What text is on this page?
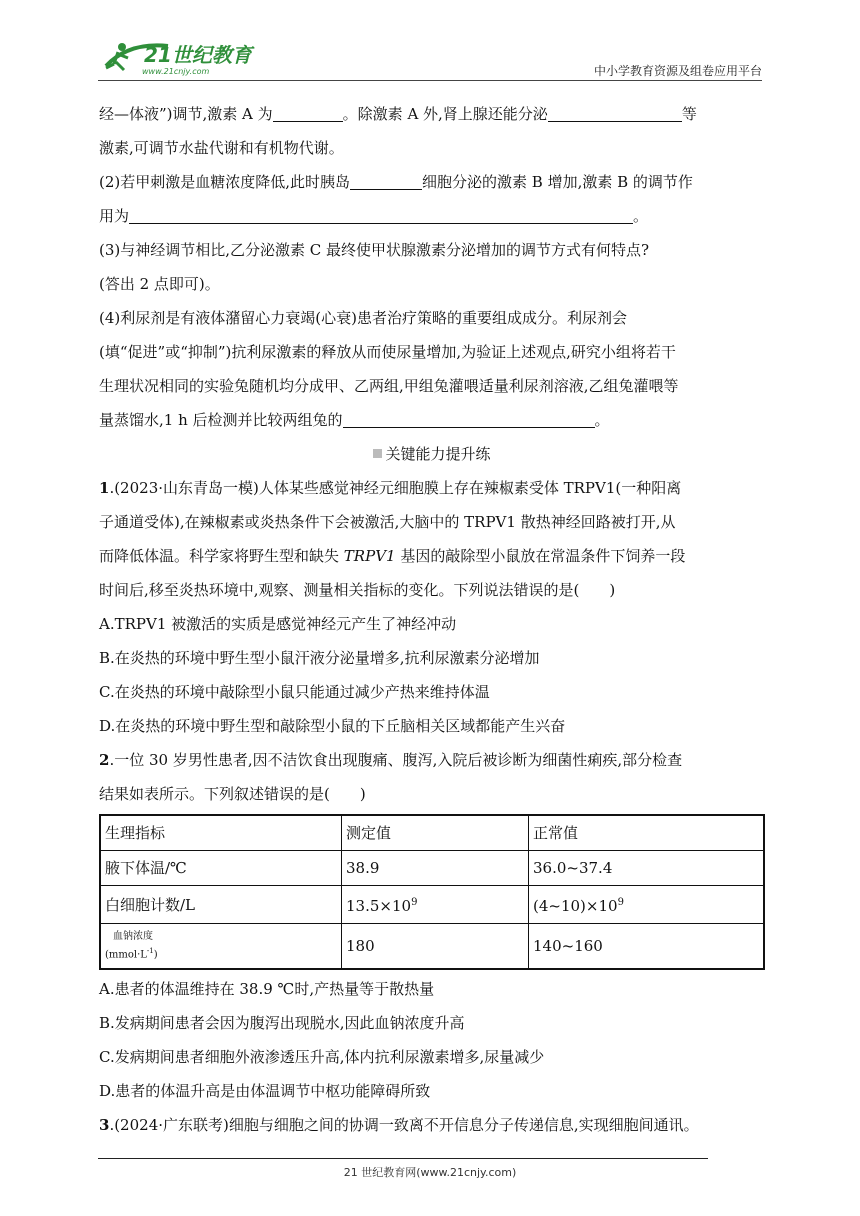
21世纪教育
www.21cnjy.com	中小学教育资源及组卷应用平台

经—体液”)调节,激素 A 为	。除激素 A 外,肾上腺还能分泌	等

激素,可调节水盐代谢和有机物代谢。

(2)若甲刺激是血糖浓度降低,此时胰岛	细胞分泌的激素 B 增加,激素 B 的调节作

用为	。

(3)与神经调节相比,乙分泌激素 C 最终使甲状腺激素分泌增加的调节方式有何特点?

(答出 2 点即可)。

(4)利尿剂是有液体潴留心力衰竭(心衰)患者治疗策略的重要组成成分。利尿剂会

(填“促进”或“抑制”)抗利尿激素的释放从而使尿量增加,为验证上述观点,研究小组将若干

生理状况相同的实验兔随机均分成甲、乙两组,甲组兔灌喂适量利尿剂溶液,乙组兔灌喂等

量蒸馏水,1 h 后检测并比较两组兔的	。

关键能力提升练

1.(2023·山东青岛一模)人体某些感觉神经元细胞膜上存在辣椒素受体 TRPV1(一种阳离

子通道受体),在辣椒素或炎热条件下会被激活,大脑中的 TRPV1 散热神经回路被打开,从

而降低体温。科学家将野生型和缺失 TRPV1 基因的敲除型小鼠放在常温条件下饲养一段

时间后,移至炎热环境中,观察、测量相关指标的变化。下列说法错误的是(　　)

A.TRPV1 被激活的实质是感觉神经元产生了神经冲动

B.在炎热的环境中野生型小鼠汗液分泌量增多,抗利尿激素分泌增加

C.在炎热的环境中敲除型小鼠只能通过减少产热来维持体温

D.在炎热的环境中野生型和敲除型小鼠的下丘脑相关区域都能产生兴奋

2.一位 30 岁男性患者,因不洁饮食出现腹痛、腹泻,入院后被诊断为细菌性痢疾,部分检查

结果如表所示。下列叙述错误的是(　　)

生理指标	测定值	正常值
腋下体温/℃	38.9	36.0~37.4
白细胞计数/L	$13.5\times 10^9$	$(4\sim 10)\times 10^9$

血钠浓度
$(mmol\cdot L^{-1})$	180	140~160

A.患者的体温维持在 38.9 ℃时,产热量等于散热量

B.发病期间患者会因为腹泻出现脱水,因此血钠浓度升高

C.发病期间患者细胞外液渗透压升高,体内抗利尿激素增多,尿量减少

D.患者的体温升高是由体温调节中枢功能障碍所致

3.(2024·广东联考)细胞与细胞之间的协调一致离不开信息分子传递信息,实现细胞间通讯。

21 世纪教育网(www.21cnjy.com)
